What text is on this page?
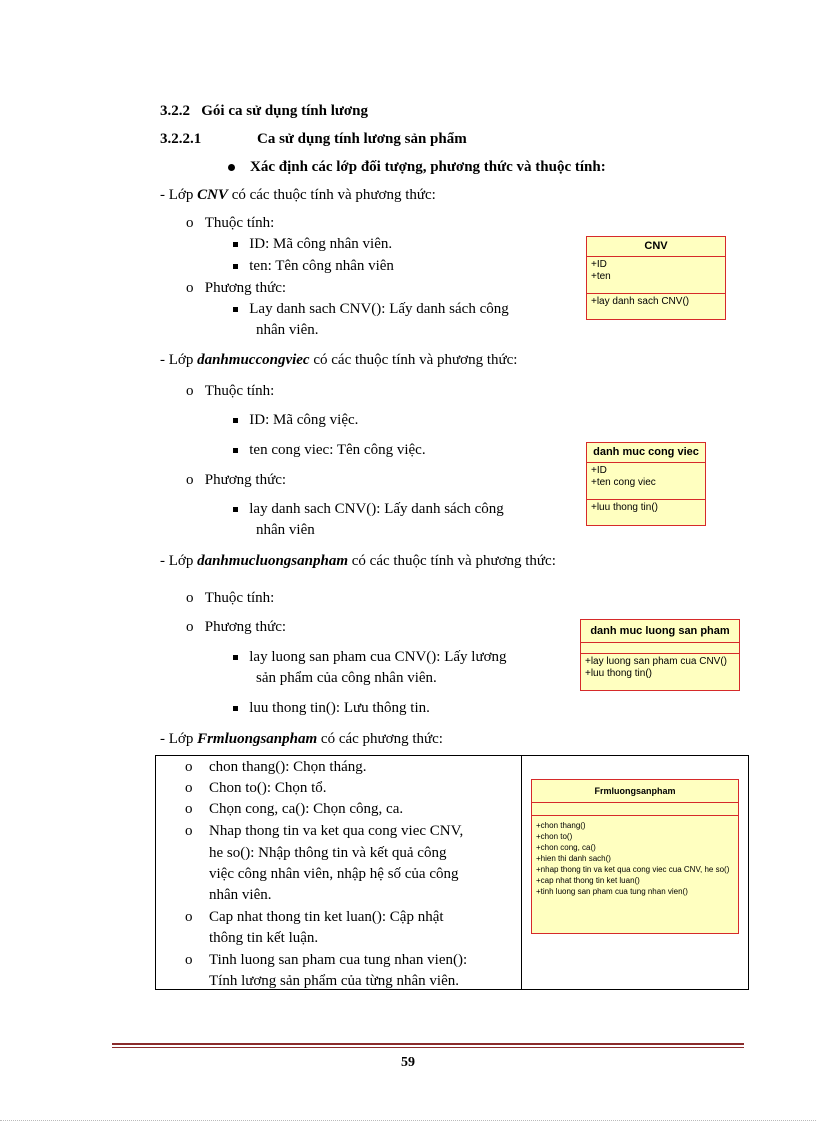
3.2.2 Gói ca sử dụng tính lương
3.2.2.1	Ca sử dụng tính lương sản phẩm
Xác định các lớp đối tượng, phương thức và thuộc tính:
- Lớp CNV có các thuộc tính và phương thức:
o Thuộc tính:
ID: Mã công nhân viên.
ten: Tên công nhân viên
o Phương thức:
Lay danh sach CNV(): Lấy danh sách công
nhân viên.
- Lớp danhmuccongviec có các thuộc tính và phương thức:
o Thuộc tính:
ID: Mã công việc.
ten cong viec: Tên công việc.
o Phương thức:
lay danh sach CNV(): Lấy danh sách công
nhân viên
- Lớp danhmucluongsanpham có các thuộc tính và phương thức:
o Thuộc tính:
o Phương thức:
lay luong san pham cua CNV(): Lấy lương
sản phẩm của công nhân viên.
luu thong tin(): Lưu thông tin.
- Lớp Frmluongsanpham có các phương thức:
o chon thang(): Chọn tháng.
o Chon to(): Chọn tổ.
o Chọn cong, ca(): Chọn công, ca.
o Nhap thong tin va ket qua cong viec CNV,
he so(): Nhập thông tin và kết quả công
việc công nhân viên, nhập hệ số của công
nhân viên.
o Cap nhat thong tin ket luan(): Cập nhật
thông tin kết luận.
o Tinh luong san pham cua tung nhan vien():
Tính lương sản phẩm của từng nhân viên.
CNV
+ID
+ten
+lay danh sach CNV()
danh muc cong viec
+ID
+ten cong viec
+luu thong tin()
danh muc luong san pham
+lay luong san pham cua CNV()
+luu thong tin()
Frmluongsanpham
+chon thang()
+chon to()
+chon cong, ca()
+hien thi danh sach()
+nhap thong tin va ket qua cong viec cua CNV, he so()
+cap nhat thong tin ket luan()
+tinh luong san pham cua tung nhan vien()
59
